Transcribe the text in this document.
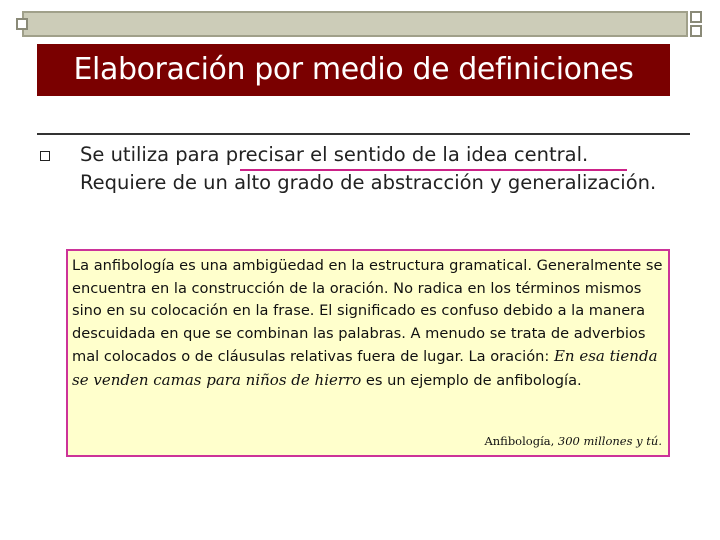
Elaboración por medio de definiciones
Se utiliza para precisar el sentido de la idea central. Requiere de un alto grado de abstracción y generalización.
La anfibología es una ambigüedad en la estructura gramatical. Generalmente se encuentra en la construcción de la oración. No radica en los términos mismos sino en su colocación en la frase. El significado es confuso debido a la manera descuidada en que se combinan las palabras. A menudo se trata de adverbios mal colocados o de cláusulas relativas fuera de lugar. La oración: En esa tienda se venden camas para niños de hierro es un ejemplo de anfibología.
Anfibología, 300 millones y tú.
